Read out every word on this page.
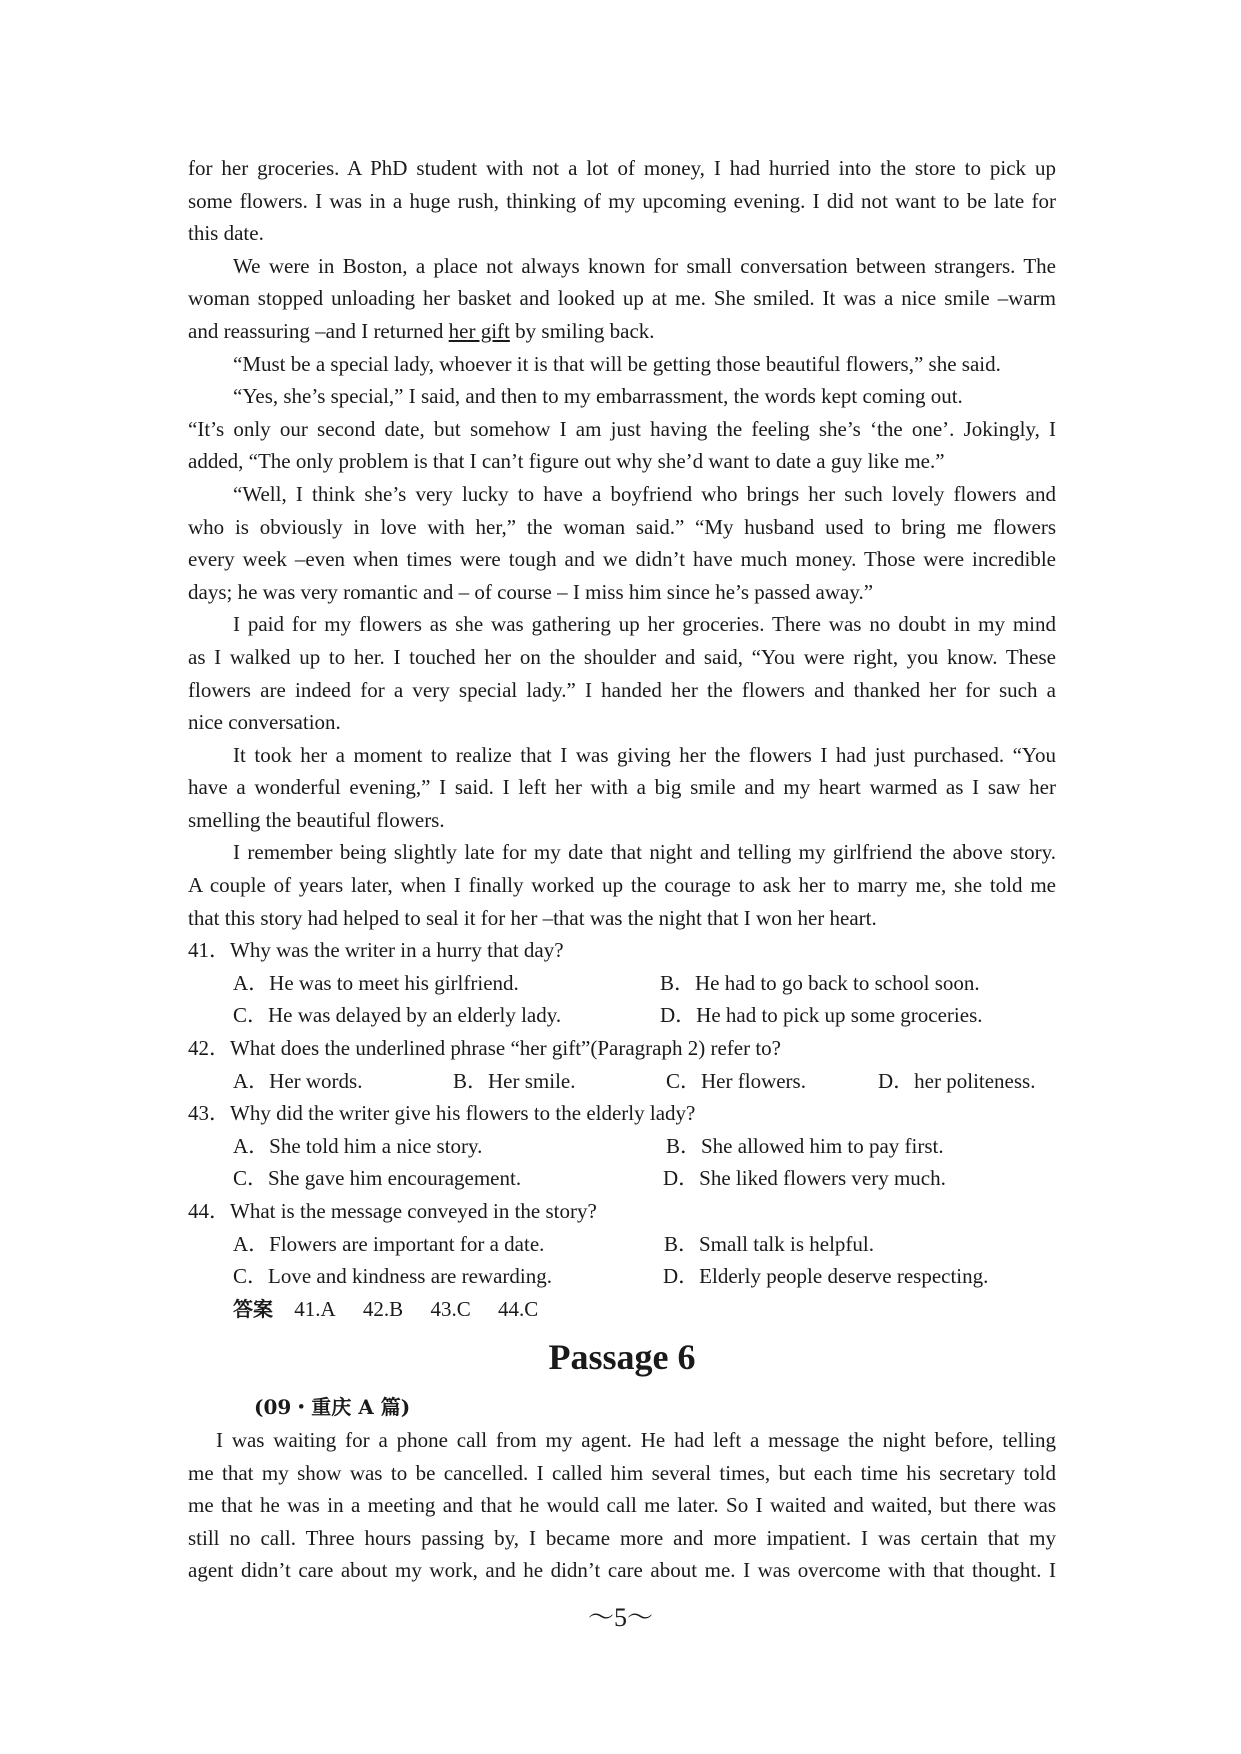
for her groceries. A PhD student with not a lot of money, I had hurried into the store to pick up
some flowers. I was in a huge rush, thinking of my upcoming evening. I did not want to be late for
this date.
We were in Boston, a place not always known for small conversation between strangers. The
woman stopped unloading her basket and looked up at me. She smiled. It was a nice smile –warm
and reassuring –and I returned her gift by smiling back.
“Must be a special lady, whoever it is that will be getting those beautiful flowers,” she said.
“Yes, she’s special,” I said, and then to my embarrassment, the words kept coming out.
“It’s only our second date, but somehow I am just having the feeling she’s ‘the one’. Jokingly, I
added, “The only problem is that I can’t figure out why she’d want to date a guy like me.”
“Well, I think she’s very lucky to have a boyfriend who brings her such lovely flowers and
who is obviously in love with her,” the woman said.” “My husband used to bring me flowers
every week –even when times were tough and we didn’t have much money. Those were incredible
days; he was very romantic and – of course – I miss him since he’s passed away.”
I paid for my flowers as she was gathering up her groceries. There was no doubt in my mind
as I walked up to her. I touched her on the shoulder and said, “You were right, you know. These
flowers are indeed for a very special lady.” I handed her the flowers and thanked her for such a
nice conversation.
It took her a moment to realize that I was giving her the flowers I had just purchased. “You
have a wonderful evening,” I said. I left her with a big smile and my heart warmed as I saw her
smelling the beautiful flowers.
I remember being slightly late for my date that night and telling my girlfriend the above story.
A couple of years later, when I finally worked up the courage to ask her to marry me, she told me
that this story had helped to seal it for her –that was the night that I won her heart.
41．Why was the writer in a hurry that day?
A．He was to meet his girlfriend.	B．He had to go back to school soon.
C．He was delayed by an elderly lady.	D．He had to pick up some groceries.
42．What does the underlined phrase “her gift”(Paragraph 2) refer to?
A．Her words.	B．Her smile.	C．Her flowers.	D．her politeness.
43．Why did the writer give his flowers to the elderly lady?
A．She told him a nice story.	B．She allowed him to pay first.
C．She gave him encouragement.	D．She liked flowers very much.
44．What is the message conveyed in the story?
A．Flowers are important for a date.	B．Small talk is helpful.
C．Love and kindness are rewarding.	D．Elderly people deserve respecting.
答案 41.A 42.B 43.C 44.C
Passage 6
(09・重庆 A 篇)
I was waiting for a phone call from my agent. He had left a message the night before, telling
me that my show was to be cancelled. I called him several times, but each time his secretary told
me that he was in a meeting and that he would call me later. So I waited and waited, but there was
still no call. Three hours passing by, I became more and more impatient. I was certain that my
agent didn’t care about my work, and he didn’t care about me. I was overcome with that thought. I
～5～
